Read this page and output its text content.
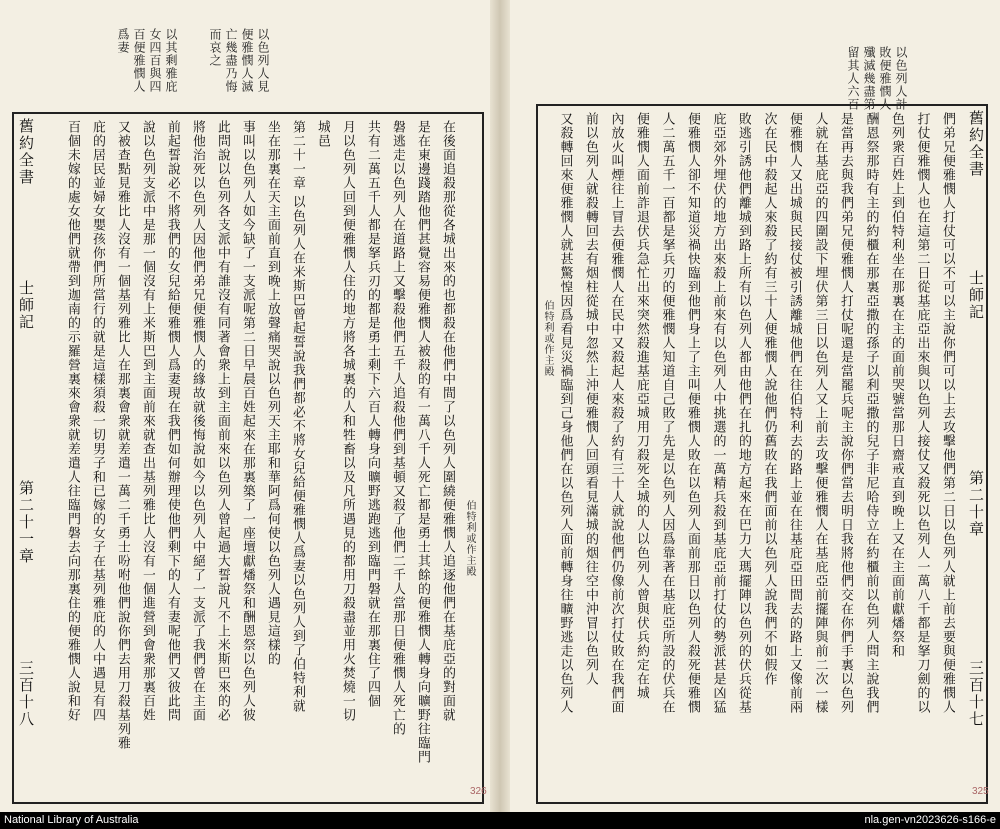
以色列人見
便雅憫人滅
亡幾盡乃悔
而哀之
以其剩雅庇
女四百與四
百便雅憫人
爲妻
在後面追殺那從各城出來的也都殺在他們中間了以色列人圍繞便雅憫人追逐他們在基庇亞的對面就
是在東邊踐踏他們甚覺容易便雅憫人被殺的有一萬八千人死亡都是勇士其餘的便雅憫人轉身向曠野往臨門
磐逃走以色列人在道路上又擊殺他們五千人追殺他們到基頓又殺了他們二千人當那日便雅憫人死亡的
共有二萬五千人都是拏兵刃的都是勇士剩下六百人轉身向曠野逃跑逃到臨門磐就在那裏住了四個
月以色列人回到便雅憫人住的地方將各城裏的人和牲畜以及凡所遇見的都用刀殺盡並用火焚燒一切
城邑
第二十一章 以色列人在米斯巴曾起誓說我們都必不將女兒給便雅憫人爲妻以色列人到了伯特利就
坐在那裏在天主面前直到晚上放聲痛哭說以色列天主耶和華阿爲何使以色列人遇見這樣的
事叫以色列人如今缺了一支派呢第二日早晨百姓起來在那裏築了一座壇獻燔祭和酬恩祭以色列人彼
此問說以色列各支派中有誰沒有同著會衆上到主面前來以色列人曾起過大誓說凡不上米斯巴來的必
將他治死以色列人因他們弟兄便雅憫人的緣故就後悔說如今以色列人中絕了一支派了我們曾在主面
前起誓說必不將我們的女兒給便雅憫人爲妻現在我們如何辦理使他們剩下的人有妻呢他們又彼此問
說以色列支派中是那一個沒有上米斯巴到主面前來就查出基列雅比人沒有一個進營到會衆那裏百姓
又被查點見雅比人沒有一個基列雅比人在那裏會衆就差遣一萬二千勇士吩咐他們說你們去用刀殺基列雅
庇的居民並婦女嬰孩你們所當行的就是這樣須殺一切男子和已嫁的女子在基列雅庇的人中遇見有四
百個未嫁的處女他們就帶到迦南的示羅營裏來會衆就差遣人往臨門磐去向那裏住的便雅憫人說和好
舊約全書
士師記
第二十一章
三百十八
伯特利或作主殿
以色列人計
敗便雅憫人
殲滅幾盡第
留其人六百
們弟兄便雅憫人打仗可以不可以主說你們可以上去攻擊他們第二日以色列人就上前去要與便雅憫人
打仗便雅憫人也在這第二日從基庇亞出來與以色列人接仗又殺死以色列人一萬八千都是拏刀劍的以
色列衆百姓上到伯特利坐在那裏在主的面前哭號當那日齋戒直到晚上又在主面前獻燔祭和
酬恩祭那時有主的約櫃在那裏亞撒的孫子以利亞撒的兒子非尼哈侍立在約櫃前以色列人問主說我們
是當再去與我們弟兄便雅憫人打仗呢還是當罷兵呢主說你們當去明日我將他們交在你們手裏以色列
人就在基庇亞的四圍設下埋伏第三日以色列人又上前去攻擊便雅憫人在基庇亞前擺陣與前二次一樣
便雅憫人又出城與民接仗被引誘離城他們在往伯特利去的路上並在往基庇亞田間去的路上又像前兩
次在民中殺起人來殺了約有三十人便雅憫人說他們仍舊敗在我們面前以色列人說我們不如假作
敗逃引誘他們離城到路上所有以色列人都由他們在扎的地方起來在巴力大瑪擺陣以色列的伏兵從基
庇亞郊外埋伏的地方出來殺上前來有以色列人中挑選的一萬精兵殺到基庇亞前打仗的勢派甚是凶猛
便雅憫人卻不知道災禍快臨到他們身上了主叫便雅憫人敗在以色列人面前那日以色列人殺死便雅憫
人二萬五千一百都是拏兵刃的便雅憫人知道自己敗了先是以色列人因爲靠著在基庇亞所設的伏兵在
便雅憫人面前詐退伏兵急忙出來突然殺進基庇亞城用刀殺死全城的人以色列人曾與伏兵約定在城
內放火叫煙往上冒去便雅憫人在民中又殺起人來殺了約有三十人就說他們仍像前次打仗敗在我們面
前以色列人就殺轉回去有烟柱從城中忽然上沖便雅憫人回頭看見滿城的烟往空中沖冒以色列人
又殺轉回來便雅憫人就甚驚惶因爲看見災禍臨到己身他們在以色列人面前轉身往曠野逃走以色列人	舊約全書
士師記
第二十章
三百十七
伯特利或作主殿
326	325
National Library of Australia	nla.gen-vn2023626-s166-e
